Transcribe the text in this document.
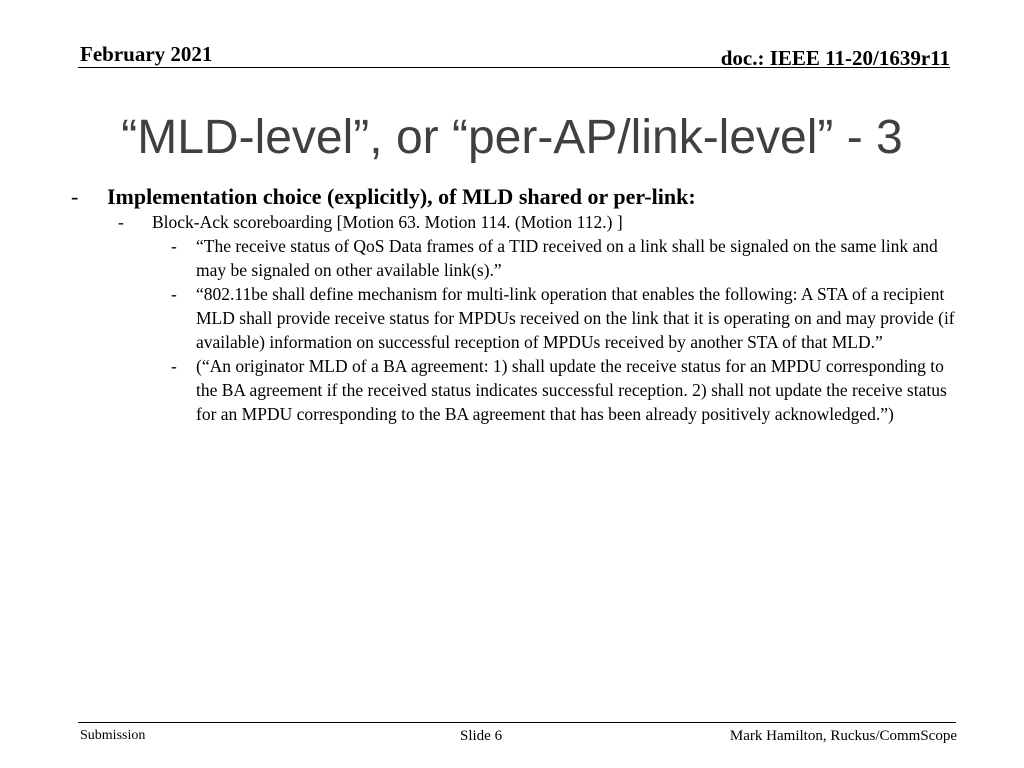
February 2021	doc.: IEEE 11-20/1639r11
“MLD-level”, or “per-AP/link-level” - 3
- Implementation choice (explicitly), of MLD shared or per-link:
- Block-Ack scoreboarding [Motion 63. Motion 114. (Motion 112.) ]
- “The receive status of QoS Data frames of a TID received on a link shall be signaled on the same link and may be signaled on other available link(s).”
- “802.11be shall define mechanism for multi-link operation that enables the following: A STA of a recipient MLD shall provide receive status for MPDUs received on the link that it is operating on and may provide (if available) information on successful reception of MPDUs received by another STA of that MLD.”
- (“An originator MLD of a BA agreement: 1) shall update the receive status for an MPDU corresponding to the BA agreement if the received status indicates successful reception. 2) shall not update the receive status for an MPDU corresponding to the BA agreement that has been already positively acknowledged.”)
Submission	Slide 6	Mark Hamilton, Ruckus/CommScope
